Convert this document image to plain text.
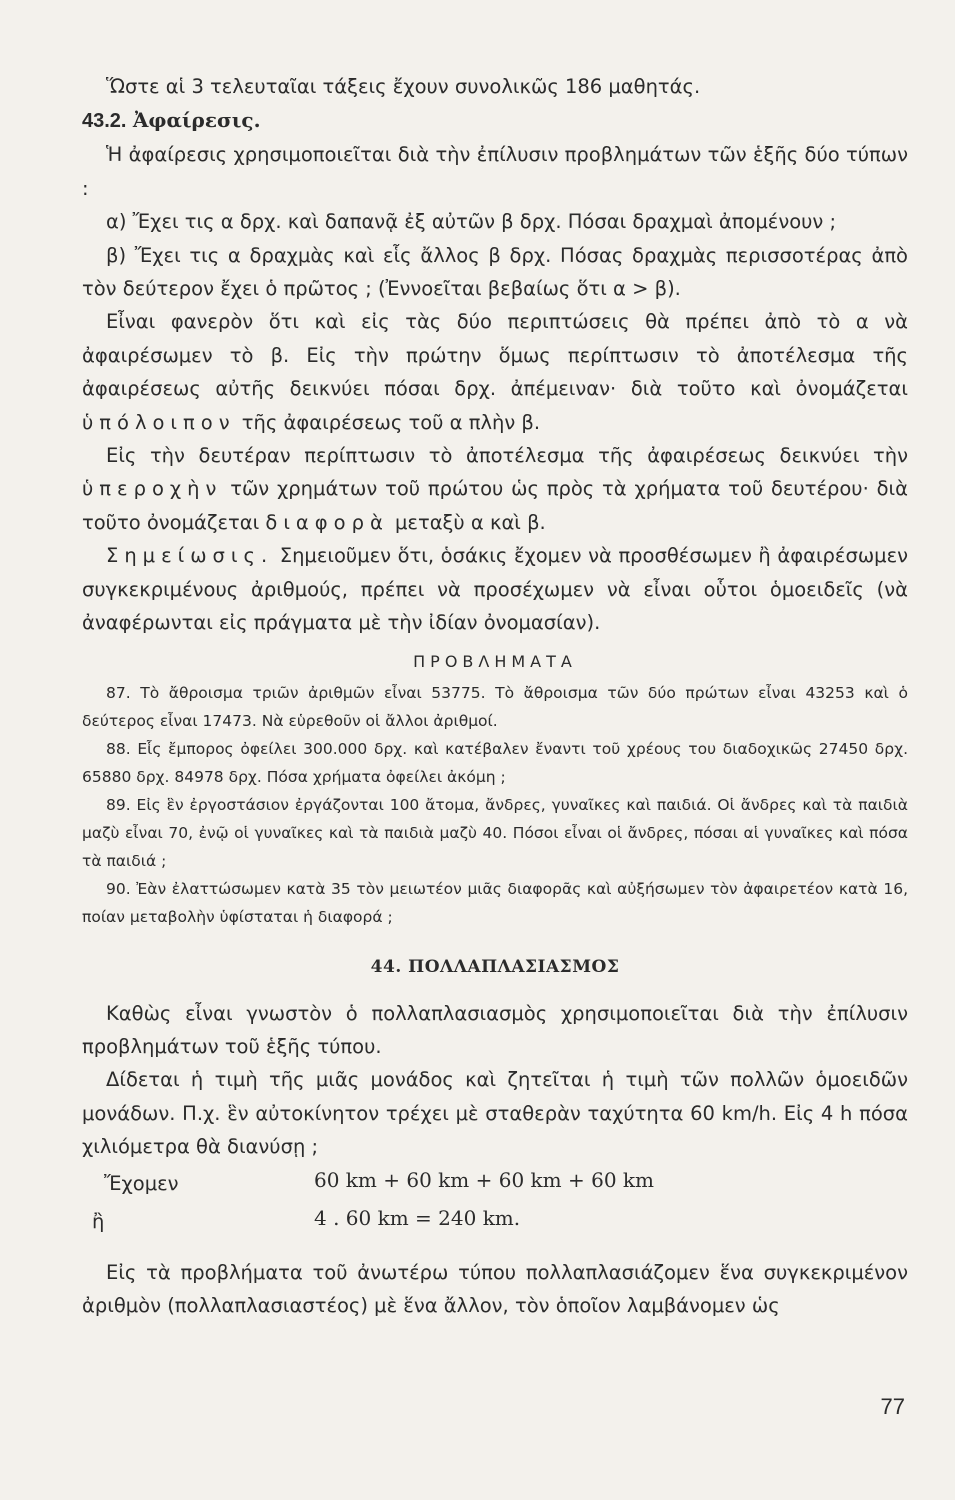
Ὥστε αἱ 3 τελευταῖαι τάξεις ἔχουν συνολικῶς 186 μαθητάς.

43.2. Ἀφαίρεσις.

Ἡ ἀφαίρεσις χρησιμοποιεῖται διὰ τὴν ἐπίλυσιν προβλημάτων τῶν ἑξῆς δύο τύπων :

α) Ἔχει τις α δρχ. καὶ δαπανᾷ ἐξ αὐτῶν β δρχ. Πόσαι δραχμαὶ ἀπομένουν ;

β) Ἔχει τις α δραχμὰς καὶ εἷς ἄλλος β δρχ. Πόσας δραχμὰς περισσοτέρας ἀπὸ τὸν δεύτερον ἔχει ὁ πρῶτος ; (Ἐννοεῖται βεβαίως ὅτι α > β).

Εἶναι φανερὸν ὅτι καὶ εἰς τὰς δύο περιπτώσεις θὰ πρέπει ἀπὸ τὸ α νὰ ἀφαιρέσωμεν τὸ β. Εἰς τὴν πρώτην ὅμως περίπτωσιν τὸ ἀποτέλεσμα τῆς ἀφαιρέσεως αὐτῆς δεικνύει πόσαι δρχ. ἀπέμειναν· διὰ τοῦτο καὶ ὀνομάζεται ὑπόλοιπον τῆς ἀφαιρέσεως τοῦ α πλὴν β.

Εἰς τὴν δευτέραν περίπτωσιν τὸ ἀποτέλεσμα τῆς ἀφαιρέσεως δεικνύει τὴν ὑπεροχὴν τῶν χρημάτων τοῦ πρώτου ὡς πρὸς τὰ χρήματα τοῦ δευτέρου· διὰ τοῦτο ὀνομάζεται διαφορὰ μεταξὺ α καὶ β.

Σημείωσις. Σημειοῦμεν ὅτι, ὁσάκις ἔχομεν νὰ προσθέσωμεν ἢ ἀφαιρέσωμεν συγκεκριμένους ἀριθμούς, πρέπει νὰ προσέχωμεν νὰ εἶναι οὗτοι ὁμοειδεῖς (νὰ ἀναφέρωνται εἰς πράγματα μὲ τὴν ἰδίαν ὀνομασίαν).

ΠΡΟΒΛΗΜΑΤΑ

87. Τὸ ἄθροισμα τριῶν ἀριθμῶν εἶναι 53775. Τὸ ἄθροισμα τῶν δύο πρώτων εἶναι 43253 καὶ ὁ δεύτερος εἶναι 17473. Νὰ εὑρεθοῦν οἱ ἄλλοι ἀριθμοί.

88. Εἷς ἔμπορος ὀφείλει 300.000 δρχ. καὶ κατέβαλεν ἔναντι τοῦ χρέους του διαδοχικῶς 27450 δρχ. 65880 δρχ. 84978 δρχ. Πόσα χρήματα ὀφείλει ἀκόμη ;

89. Εἰς ἓν ἐργοστάσιον ἐργάζονται 100 ἄτομα, ἄνδρες, γυναῖκες καὶ παιδιά. Οἱ ἄνδρες καὶ τὰ παιδιὰ μαζὺ εἶναι 70, ἐνῷ οἱ γυναῖκες καὶ τὰ παιδιὰ μαζὺ 40. Πόσοι εἶναι οἱ ἄνδρες, πόσαι αἱ γυναῖκες καὶ πόσα τὰ παιδιά ;

90. Ἐὰν ἐλαττώσωμεν κατὰ 35 τὸν μειωτέον μιᾶς διαφορᾶς καὶ αὐξήσωμεν τὸν ἀφαιρετέον κατὰ 16, ποίαν μεταβολὴν ὑφίσταται ἡ διαφορά ;

44. ΠΟΛΛΑΠΛΑΣΙΑΣΜΟΣ

Καθὼς εἶναι γνωστὸν ὁ πολλαπλασιασμὸς χρησιμοποιεῖται διὰ τὴν ἐπίλυσιν προβλημάτων τοῦ ἑξῆς τύπου.

Δίδεται ἡ τιμὴ τῆς μιᾶς μονάδος καὶ ζητεῖται ἡ τιμὴ τῶν πολλῶν ὁμοειδῶν μονάδων. Π.χ. ἓν αὐτοκίνητον τρέχει μὲ σταθερὰν ταχύτητα 60 km/h. Εἰς 4 h πόσα χιλιόμετρα θὰ διανύσῃ ;

Ἔχομεν	60 km + 60 km + 60 km + 60 km
ἢ	4 . 60 km = 240 km.

Εἰς τὰ προβλήματα τοῦ ἀνωτέρω τύπου πολλαπλασιάζομεν ἕνα συγκεκριμένον ἀριθμὸν (πολλαπλασιαστέος) μὲ ἕνα ἄλλον, τὸν ὁποῖον λαμβάνομεν ὡς

77
